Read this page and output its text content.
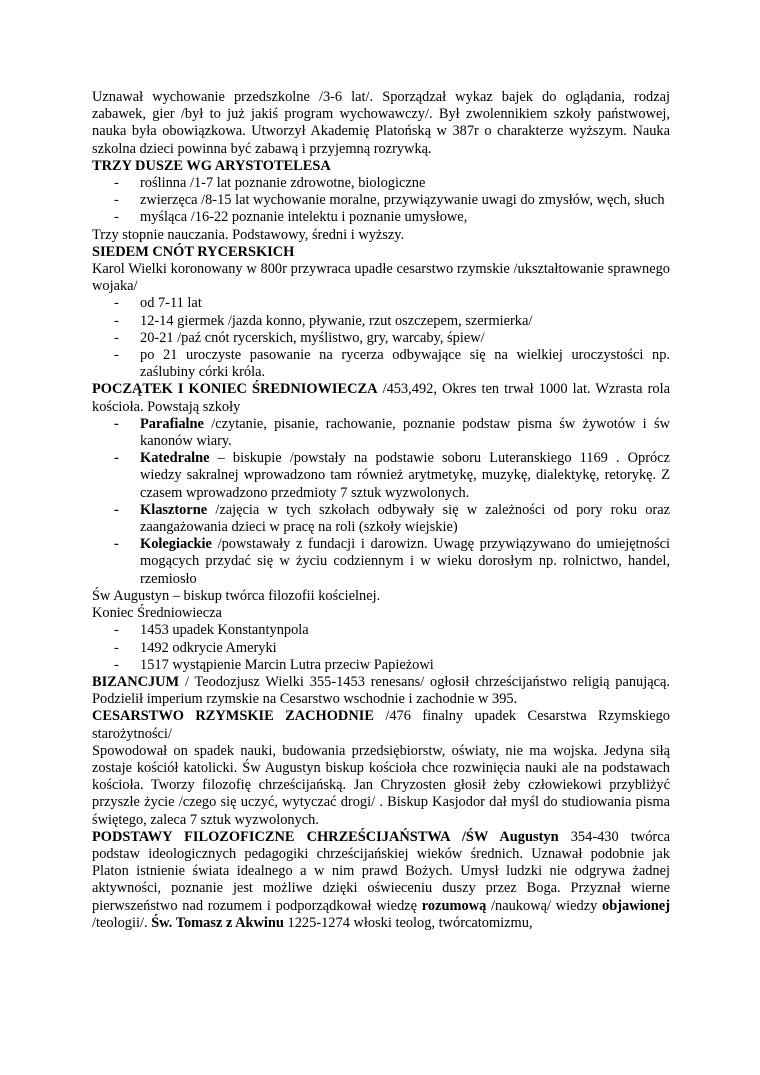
Uznawał wychowanie przedszkolne /3-6 lat/. Sporządzał wykaz bajek do oglądania, rodzaj zabawek, gier /był to już jakiś program wychowawczy/. Był zwolennikiem szkoły państwowej, nauka była obowiązkowa. Utworzył Akademię Platońską w 387r o charakterze wyższym. Nauka szkolna dzieci powinna być zabawą i przyjemną rozrywką.

TRZY DUSZE WG ARYSTOTELESA

- roślinna /1-7 lat poznanie zdrowotne, biologiczne
- zwierzęca /8-15 lat wychowanie moralne, przywiązywanie uwagi do zmysłów, węch, słuch
- myśląca /16-22 poznanie intelektu i poznanie umysłowe,

Trzy stopnie nauczania. Podstawowy, średni i wyższy.

SIEDEM CNÓT RYCERSKICH

Karol Wielki koronowany w 800r przywraca upadłe cesarstwo rzymskie /ukształtowanie sprawnego wojaka/

- od 7-11 lat
- 12-14 giermek /jazda konno, pływanie, rzut oszczepem, szermierka/
- 20-21 /paź cnót rycerskich, myślistwo, gry, warcaby, śpiew/
- po 21 uroczyste pasowanie na rycerza odbywające się na wielkiej uroczystości np. zaślubiny córki króla.

POCZĄTEK I KONIEC ŚREDNIOWIECZA /453,492, Okres ten trwał 1000 lat. Wzrasta rola kościoła. Powstają szkoły

- Parafialne /czytanie, pisanie, rachowanie, poznanie podstaw pisma św żywotów i św kanonów wiary.
- Katedralne – biskupie /powstały na podstawie soboru Luteranskiego 1169 . Oprócz wiedzy sakralnej wprowadzono tam również arytmetykę, muzykę, dialektykę, retorykę. Z czasem wprowadzono przedmioty 7 sztuk wyzwolonych.
- Klasztorne /zajęcia w tych szkołach odbywały się w zależności od pory roku oraz zaangażowania dzieci w pracę na roli (szkoły wiejskie)
- Kolegiackie /powstawały z fundacji i darowizn. Uwagę przywiązywano do umiejętności mogących przydać się w życiu codziennym i w wieku dorosłym np. rolnictwo, handel, rzemiosło

Św Augustyn – biskup twórca filozofii kościelnej.

Koniec Średniowiecza

- 1453 upadek Konstantynpola
- 1492 odkrycie Ameryki
- 1517 wystąpienie Marcin Lutra przeciw Papieżowi

BIZANCJUM / Teodozjusz Wielki 355-1453 renesans/ ogłosił chrześcijaństwo religią panującą. Podzielił imperium rzymskie na Cesarstwo wschodnie i zachodnie w 395.

CESARSTWO RZYMSKIE ZACHODNIE /476 finalny upadek Cesarstwa Rzymskiego starożytności/

Spowodował on spadek nauki, budowania przedsiębiorstw, oświaty, nie ma wojska. Jedyna siłą zostaje kościół katolicki. Św Augustyn biskup kościoła chce rozwinięcia nauki ale na podstawach kościoła. Tworzy filozofię chrześcijańską. Jan Chryzosten głosił żeby człowiekowi przybliżyć przyszłe życie /czego się uczyć, wytyczać drogi/ . Biskup Kasjodor dał myśl do studiowania pisma świętego, zaleca 7 sztuk wyzwolonych.

PODSTAWY FILOZOFICZNE CHRZEŚCIJAŃSTWA /ŚW Augustyn 354-430 twórca podstaw ideologicznych pedagogiki chrześcijańskiej wieków średnich. Uznawał podobnie jak Platon istnienie świata idealnego a w nim prawd Bożych. Umysł ludzki nie odgrywa żadnej aktywności, poznanie jest możliwe dzięki oświeceniu duszy przez Boga. Przyznał wierne pierwszeństwo nad rozumem i podporządkował wiedzę rozumową /naukową/ wiedzy objawionej /teologii/. Św. Tomasz z Akwinu 1225-1274 włoski teolog, twórcatomizmu,
